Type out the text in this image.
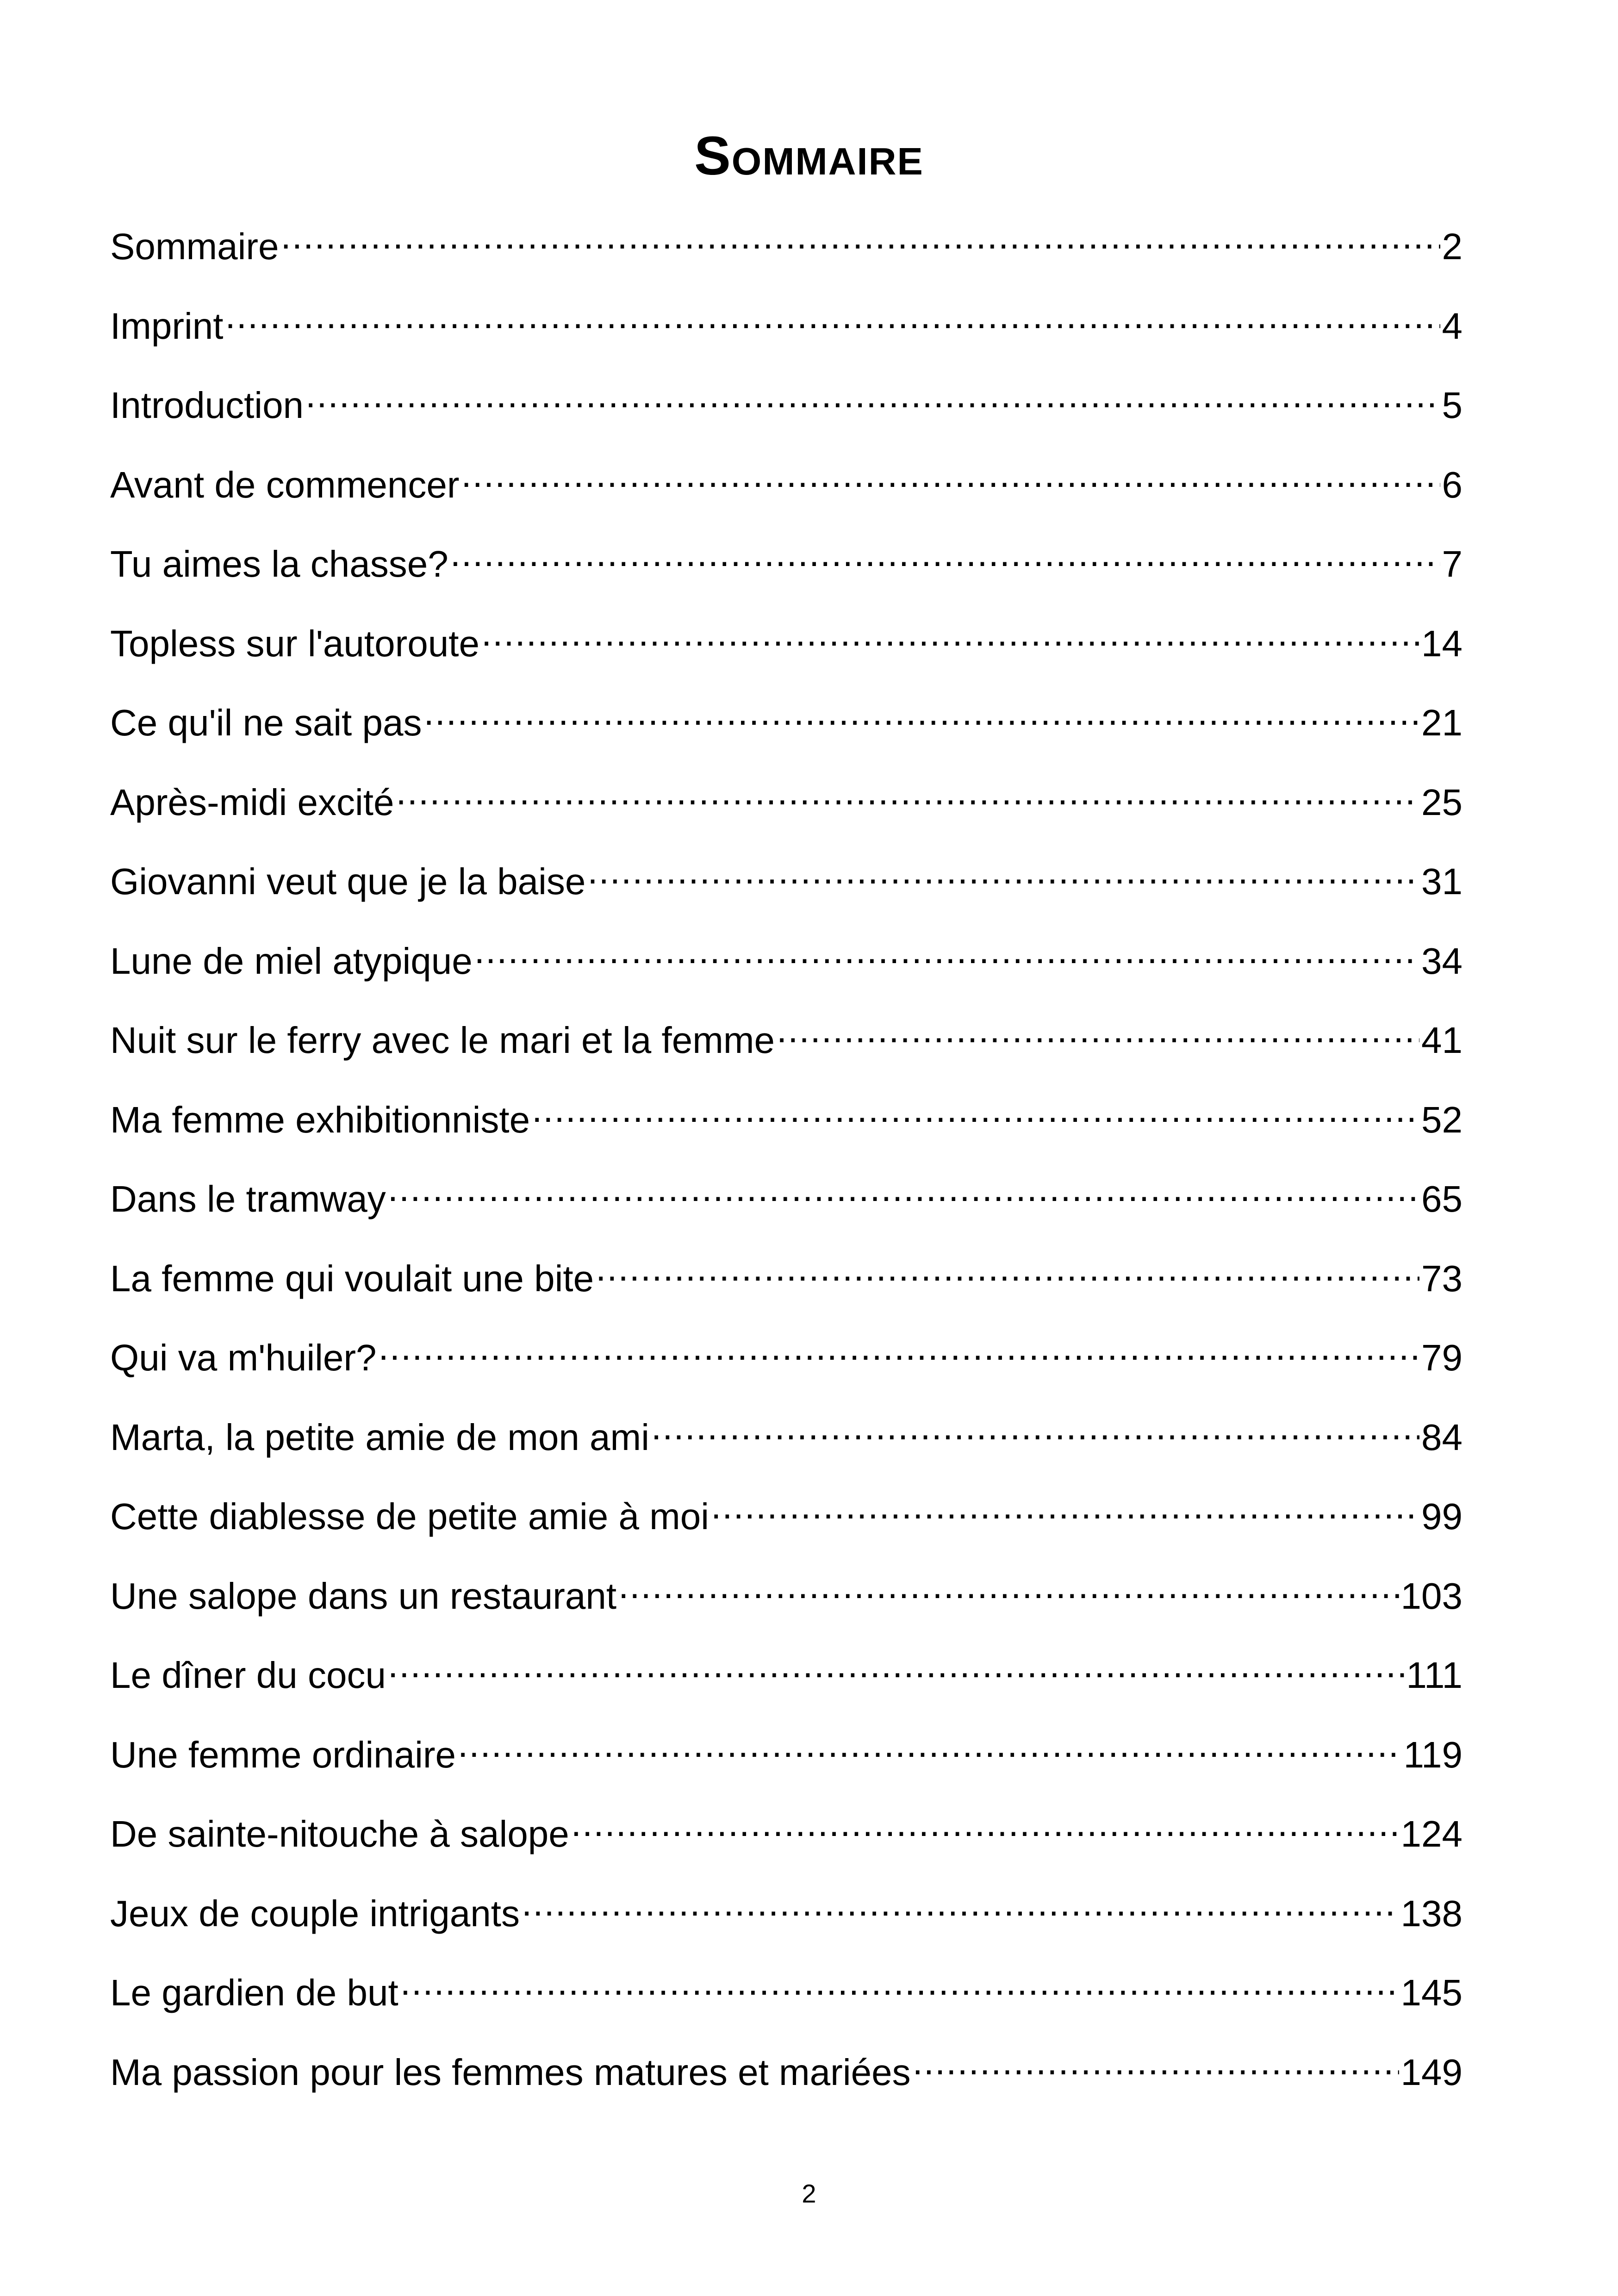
Sommaire
Sommaire .....	2
Imprint .....	4
Introduction .....	5
Avant de commencer .....	6
Tu aimes la chasse? .....	7
Topless sur l'autoroute .....	14
Ce qu'il ne sait pas .....	21
Après-midi excité .....	25
Giovanni veut que je la baise .....	31
Lune de miel atypique .....	34
Nuit sur le ferry avec le mari et la femme .....	41
Ma femme exhibitionniste .....	52
Dans le tramway .....	65
La femme qui voulait une bite .....	73
Qui va m'huiler? .....	79
Marta, la petite amie de mon ami .....	84
Cette diablesse de petite amie à moi .....	99
Une salope dans un restaurant .....	103
Le dîner du cocu .....	111
Une femme ordinaire .....	119
De sainte-nitouche à salope .....	124
Jeux de couple intrigants .....	138
Le gardien de but .....	145
Ma passion pour les femmes matures et mariées .....	149
2
